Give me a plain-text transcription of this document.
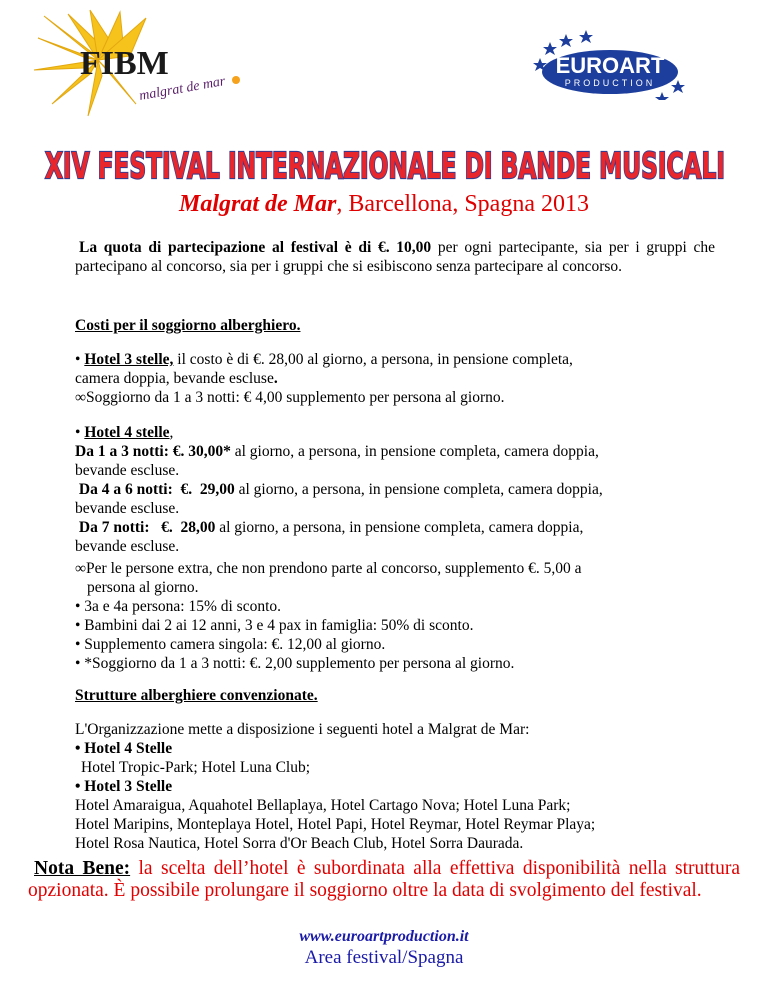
FIBM
malgrat de mar
EUROART
PRODUCTION
XIV FESTIVAL INTERNAZIONALE DI BANDE MUSICALI
Malgrat de Mar, Barcellona, Spagna 2013

La quota di partecipazione al festival è di €. 10,00 per ogni partecipante, sia per i gruppi che partecipano al concorso, sia per i gruppi che si esibiscono senza partecipare al concorso.

Costi per il soggiorno alberghiero.
• Hotel 3 stelle, il costo è di €. 28,00 al giorno, a persona, in pensione completa,
camera doppia, bevande escluse.
∞Soggiorno da 1 a 3 notti: € 4,00 supplemento per persona al giorno.
• Hotel 4 stelle,
Da 1 a 3 notti: €. 30,00* al giorno, a persona, in pensione completa, camera doppia,
bevande escluse.
Da 4 a 6 notti:  €.  29,00 al giorno, a persona, in pensione completa, camera doppia,
bevande escluse.
Da 7 notti:   €.  28,00 al giorno, a persona, in pensione completa, camera doppia,
bevande escluse.
∞Per le persone extra, che non prendono parte al concorso, supplemento €. 5,00 a
persona al giorno.
• 3a e 4a persona: 15% di sconto.
• Bambini dai 2 ai 12 anni, 3 e 4 pax in famiglia: 50% di sconto.
• Supplemento camera singola: €. 12,00 al giorno.
• *Soggiorno da 1 a 3 notti: €. 2,00 supplemento per persona al giorno.
Strutture alberghiere convenzionate.
L'Organizzazione mette a disposizione i seguenti hotel a Malgrat de Mar:
• Hotel 4 Stelle
Hotel Tropic-Park; Hotel Luna Club;
• Hotel 3 Stelle
Hotel Amaraigua, Aquahotel Bellaplaya, Hotel Cartago Nova; Hotel Luna Park;
Hotel Maripins, Monteplaya Hotel, Hotel Papi, Hotel Reymar, Hotel Reymar Playa;
Hotel Rosa Nautica, Hotel Sorra d'Or Beach Club, Hotel Sorra Daurada.
Nota Bene: la scelta dell’hotel è subordinata alla effettiva disponibilità nella struttura opzionata. È possibile prolungare il soggiorno oltre la data di svolgimento del festival.
www.euroartproduction.it
Area festival/Spagna
